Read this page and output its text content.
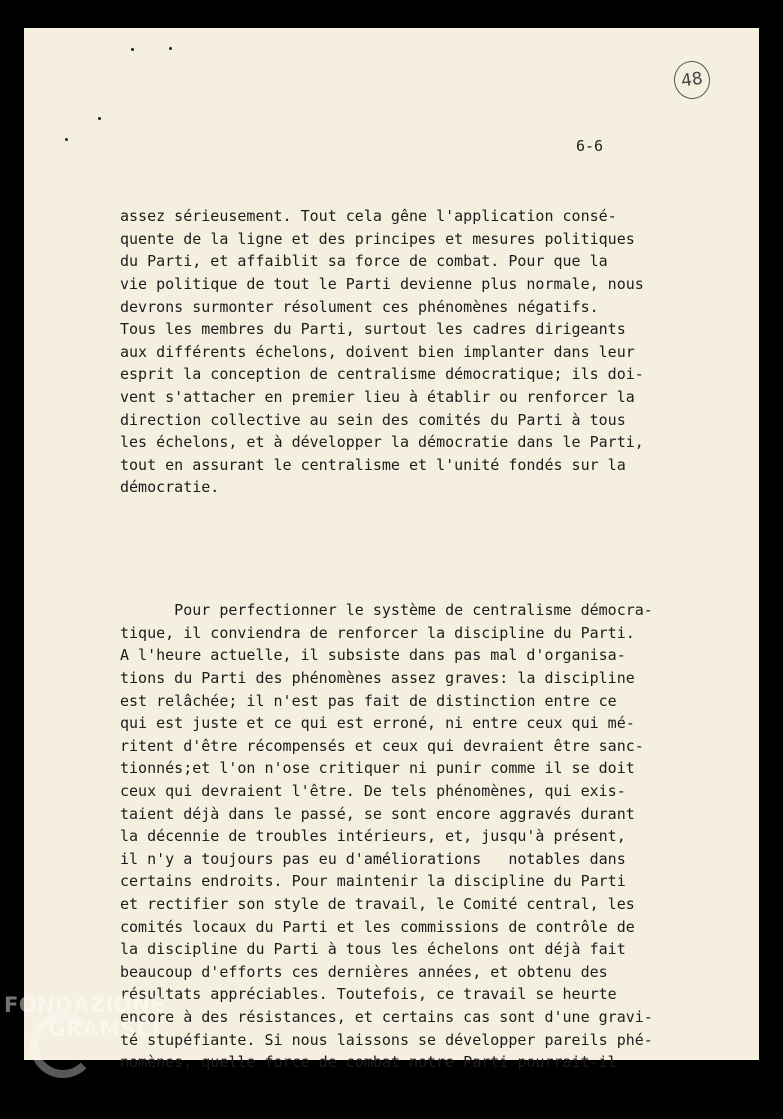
48
6-6

assez sérieusement. Tout cela gêne l'application consé-
quente de la ligne et des principes et mesures politiques
du Parti, et affaiblit sa force de combat. Pour que la
vie politique de tout le Parti devienne plus normale, nous
devrons surmonter résolument ces phénomènes négatifs.
Tous les membres du Parti, surtout les cadres dirigeants
aux différents échelons, doivent bien implanter dans leur
esprit la conception de centralisme démocratique; ils doi-
vent s'attacher en premier lieu à établir ou renforcer la
direction collective au sein des comités du Parti à tous
les échelons, et à développer la démocratie dans le Parti,
tout en assurant le centralisme et l'unité fondés sur la
démocratie.

Pour perfectionner le système de centralisme démocra-
tique, il conviendra de renforcer la discipline du Parti.
A l'heure actuelle, il subsiste dans pas mal d'organisa-
tions du Parti des phénomènes assez graves: la discipline
est relâchée; il n'est pas fait de distinction entre ce
qui est juste et ce qui est erroné, ni entre ceux qui mé-
ritent d'être récompensés et ceux qui devraient être sanc-
tionnés;et l'on n'ose critiquer ni punir comme il se doit
ceux qui devraient l'être. De tels phénomènes, qui exis-
taient déjà dans le passé, se sont encore aggravés durant
la décennie de troubles intérieurs, et, jusqu'à présent,
il n'y a toujours pas eu d'améliorations   notables dans
certains endroits. Pour maintenir la discipline du Parti
et rectifier son style de travail, le Comité central, les
comités locaux du Parti et les commissions de contrôle de
la discipline du Parti à tous les échelons ont déjà fait
beaucoup d'efforts ces dernières années, et obtenu des
résultats appréciables. Toutefois, ce travail se heurte
encore à des résistances, et certains cas sont d'une gravi-
té stupéfiante. Si nous laissons se développer pareils phé-
nomènes, quelle force de combat notre Parti pourrait-il

FONDAZIONE
GRAMSCI
